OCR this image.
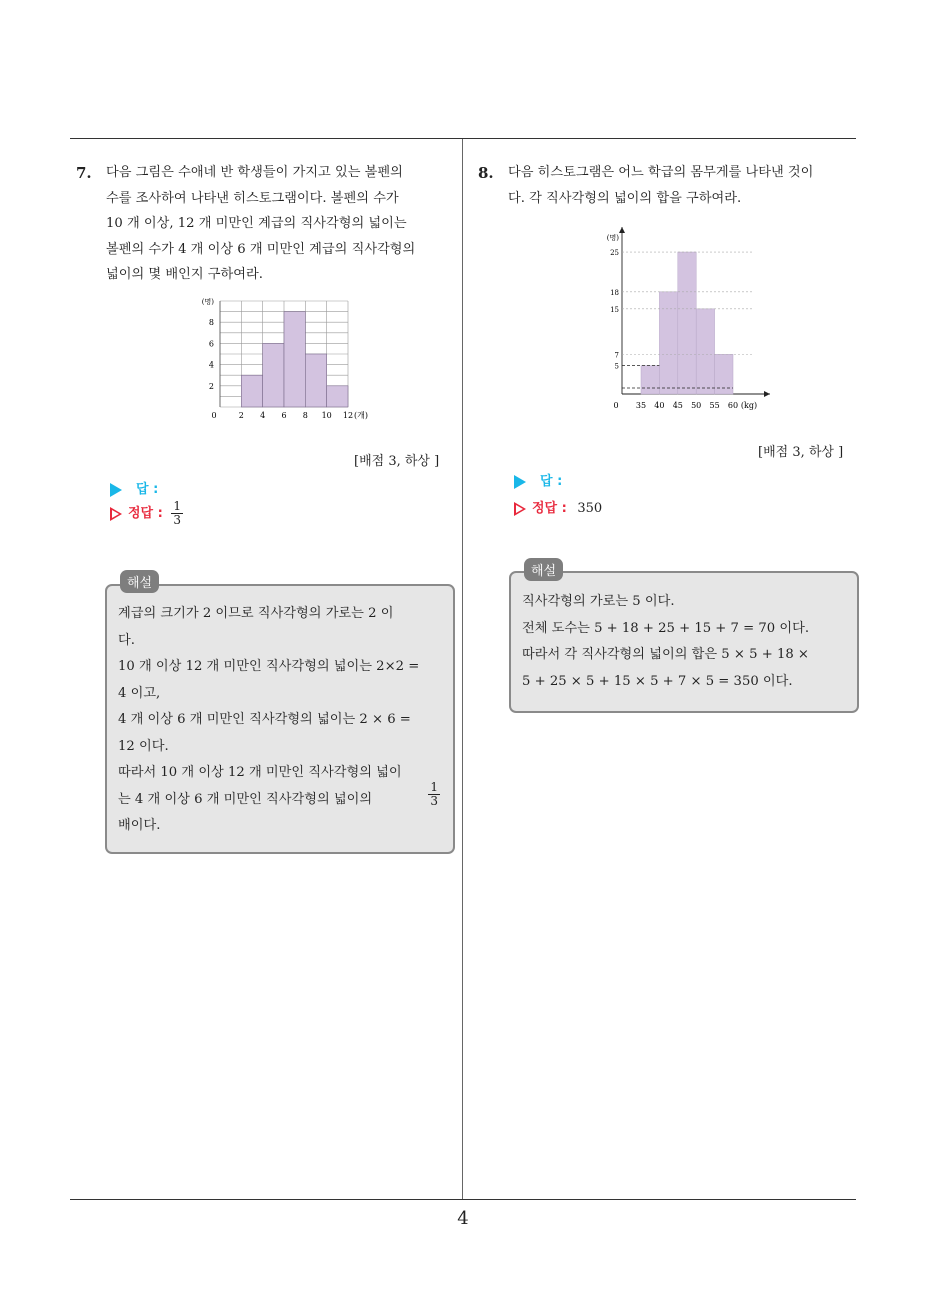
7. 다음 그림은 수애네 반 학생들이 가지고 있는 볼펜의
수를 조사하여 나타낸 히스토그램이다. 볼펜의 수가
10 개 이상, 12 개 미만인 계급의 직사각형의 넓이는
볼펜의 수가 4 개 이상 6 개 미만인 계급의 직사각형의
넓이의 몇 배인지 구하여라.
2
4
6
8
(명)
0	2 4 6 8 10 12 (개)
[배점 3, 하상 ]
답 :
정답 : $\frac{1}{3}$
해설
계급의 크기가 2 이므로 직사각형의 가로는 2 이
다.
10 개 이상 12 개 미만인 직사각형의 넓이는 2×2 =
4 이고,
4 개 이상 6 개 미만인 직사각형의 넓이는 2 × 6 =
12 이다.
따라서 10 개 이상 12 개 미만인 직사각형의 넓이
는 4 개 이상 6 개 미만인 직사각형의 넓이의	$\frac{1}{3}$
배이다.
8. 다음 히스토그램은 어느 학급의 몸무게를 나타낸 것이
다. 각 직사각형의 넓이의 합을 구하여라.
(명)
5
7
15
18
25
0 35 40 45 50 55 60 (kg)
[배점 3, 하상 ]
답 :
정답 : 350
해설
직사각형의 가로는 5 이다.
전체 도수는 5 + 18 + 25 + 15 + 7 = 70 이다.
따라서 각 직사각형의 넓이의 합은 5 × 5 + 18 ×
5 + 25 × 5 + 15 × 5 + 7 × 5 = 350 이다.
4
